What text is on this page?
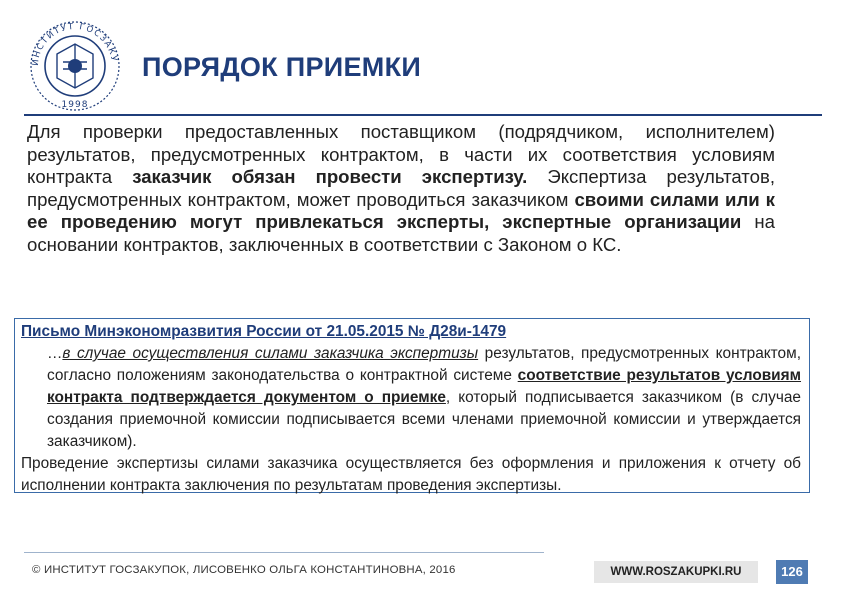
ИНСТИТУТ ГОСЗАКУ
1998
ПОРЯДОК ПРИЕМКИ
Для проверки предоставленных поставщиком (подрядчиком, исполнителем) результатов, предусмотренных контрактом, в части их соответствия условиям контракта заказчик обязан провести экспертизу. Экспертиза результатов, предусмотренных контрактом, может проводиться заказчиком своими силами или к ее проведению могут привлекаться эксперты, экспертные организации на основании контрактов, заключенных в соответствии с Законом о КС.
Письмо Минэкономразвития России от 21.05.2015 № Д28и-1479

…в случае осуществления силами заказчика экспертизы результатов, предусмотренных контрактом, согласно положениям законодательства о контрактной системе соответствие результатов условиям контракта подтверждается документом о приемке, который подписывается заказчиком (в случае создания приемочной комиссии подписывается всеми членами приемочной комиссии и утверждается заказчиком).

Проведение экспертизы силами заказчика осуществляется без оформления и приложения к отчету об исполнении контракта заключения по результатам проведения экспертизы.

© ИНСТИТУТ ГОСЗАКУПОК, ЛИСОВЕНКО ОЛЬГА КОНСТАНТИНОВНА, 2016	WWW.ROSZAKUPKI.RU	126
